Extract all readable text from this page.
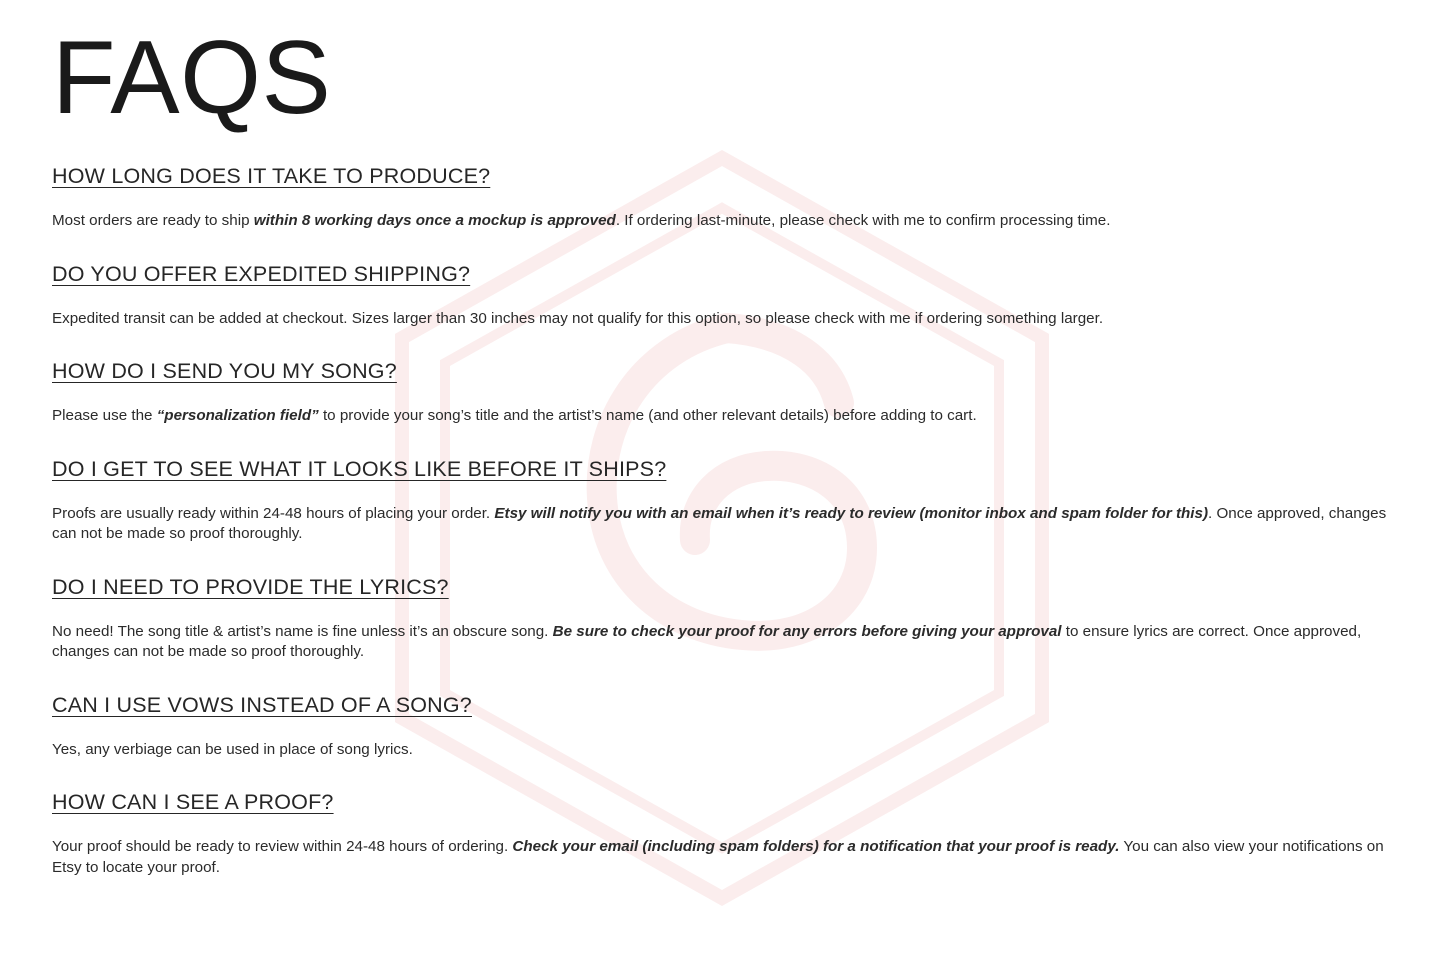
FAQS
HOW LONG DOES IT TAKE TO PRODUCE?

Most orders are ready to ship within 8 working days once a mockup is approved. If ordering last-minute, please check with me to confirm processing time.

DO YOU OFFER EXPEDITED SHIPPING?

Expedited transit can be added at checkout. Sizes larger than 30 inches may not qualify for this option, so please check with me if ordering something larger.

HOW DO I SEND YOU MY SONG?

Please use the “personalization field” to provide your song’s title and the artist’s name (and other relevant details) before adding to cart.

DO I GET TO SEE WHAT IT LOOKS LIKE BEFORE IT SHIPS?

Proofs are usually ready within 24-48 hours of placing your order. Etsy will notify you with an email when it’s ready to review (monitor inbox and spam folder for this). Once approved, changes can not be made so proof thoroughly.

DO I NEED TO PROVIDE THE LYRICS?

No need! The song title & artist’s name is fine unless it’s an obscure song. Be sure to check your proof for any errors before giving your approval to ensure lyrics are correct. Once approved, changes can not be made so proof thoroughly.

CAN I USE VOWS INSTEAD OF A SONG?

Yes, any verbiage can be used in place of song lyrics.

HOW CAN I SEE A PROOF?

Your proof should be ready to review within 24-48 hours of ordering. Check your email (including spam folders) for a notification that your proof is ready. You can also view your notifications on Etsy to locate your proof.
